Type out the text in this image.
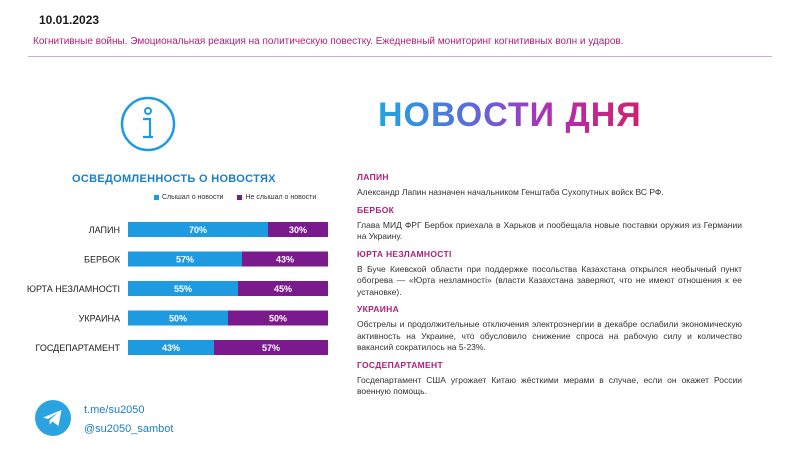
10.01.2023
Когнитивные войны. Эмоциональная реакция на политическую повестку. Ежедневный мониторинг когнитивных волн и ударов.
НОВОСТИ ДНЯ
ОСВЕДОМЛЕННОСТЬ О НОВОСТЯХ
Слышал о новости	Не слышал о новости
ЛАПИН	70%	30%
БЕРБОК	57%	43%
ЮРТА НЕЗЛАМНОСТІ	55%	45%
УКРАИНА	50%	50%
ГОСДЕПАРТАМЕНТ	43%	57%
ЛАПИН
Александр Лапин назначен начальником Генштаба Сухопутных войск ВС РФ.
БЕРБОК
Глава МИД ФРГ Бербок приехала в Харьков и пообещала новые поставки оружия из Германии на Украину.
ЮРТА НЕЗЛАМНОСТІ
В Буче Киевской области при поддержке посольства Казахстана открылся необычный пункт обогрева — «Юрта незламності» (власти Казахстана заверяют, что не имеют отношения к ее установке).
УКРАИНА
Обстрелы и продолжительные отключения электроэнергии в декабре ослабили экономическую активность на Украине, что обусловило снижение спроса на рабочую силу и количество вакансий сократилось на 5-23%.
ГОСДЕПАРТАМЕНТ
Госдепартамент США угрожает Китаю жёсткими мерами в случае, если он окажет России военную помощь.
t.me/su2050
@su2050_sambot
